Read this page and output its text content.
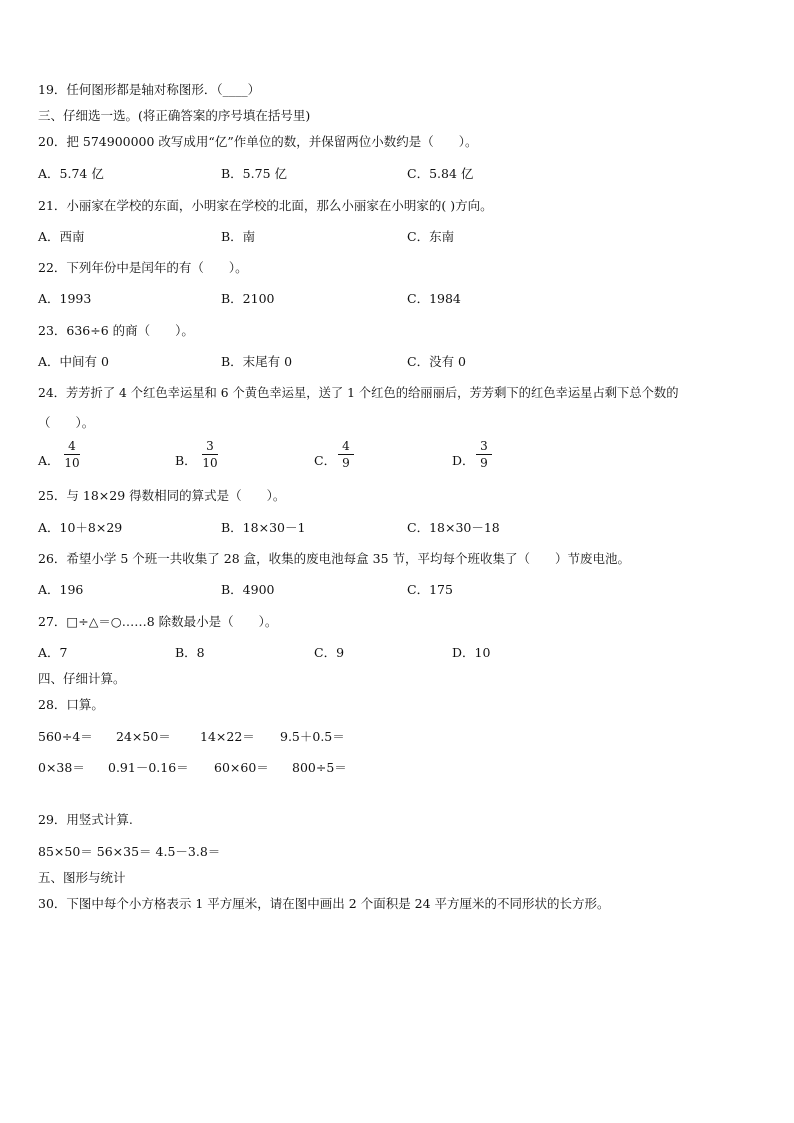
19．任何图形都是轴对称图形．（____）
三、仔细选一选。(将正确答案的序号填在括号里)
20．把 574900000 改写成用“亿”作单位的数，并保留两位小数约是（　　）。
A．5.74 亿	B．5.75 亿	C．5.84 亿
21．小丽家在学校的东面，小明家在学校的北面，那么小丽家在小明家的( )方向。
A．西南	B．南	C．东南
22．下列年份中是闰年的有（　　）。
A．1993	B．2100	C．1984
23．636÷6 的商（　　）。
A．中间有 0	B．末尾有 0	C．没有 0
24．芳芳折了 4 个红色幸运星和 6 个黄色幸运星，送了 1 个红色的给丽丽后，芳芳剩下的红色幸运星占剩下总个数的
（　　）。
A．
4
10	B．
3
10	C．
4
9	D．
3
9
25．与 18×29 得数相同的算式是（　　）。
A．10＋8×29	B．18×30－1	C．18×30－18
26．希望小学 5 个班一共收集了 28 盒，收集的废电池每盒 35 节，平均每个班收集了（　　）节废电池。
A．196	B．4900	C．175
27．□÷△＝○……8 除数最小是（　　）。
A．7	B．8	C．9	D．10
四、仔细计算。
28．口算。
560÷4＝ 24×50＝ 14×22＝ 9.5＋0.5＝
0×38＝ 0.91－0.16＝ 60×60＝ 800÷5＝
29．用竖式计算.
85×50＝ 56×35＝ 4.5－3.8＝
五、图形与统计
30．下图中每个小方格表示 1 平方厘米，请在图中画出 2 个面积是 24 平方厘米的不同形状的长方形。
